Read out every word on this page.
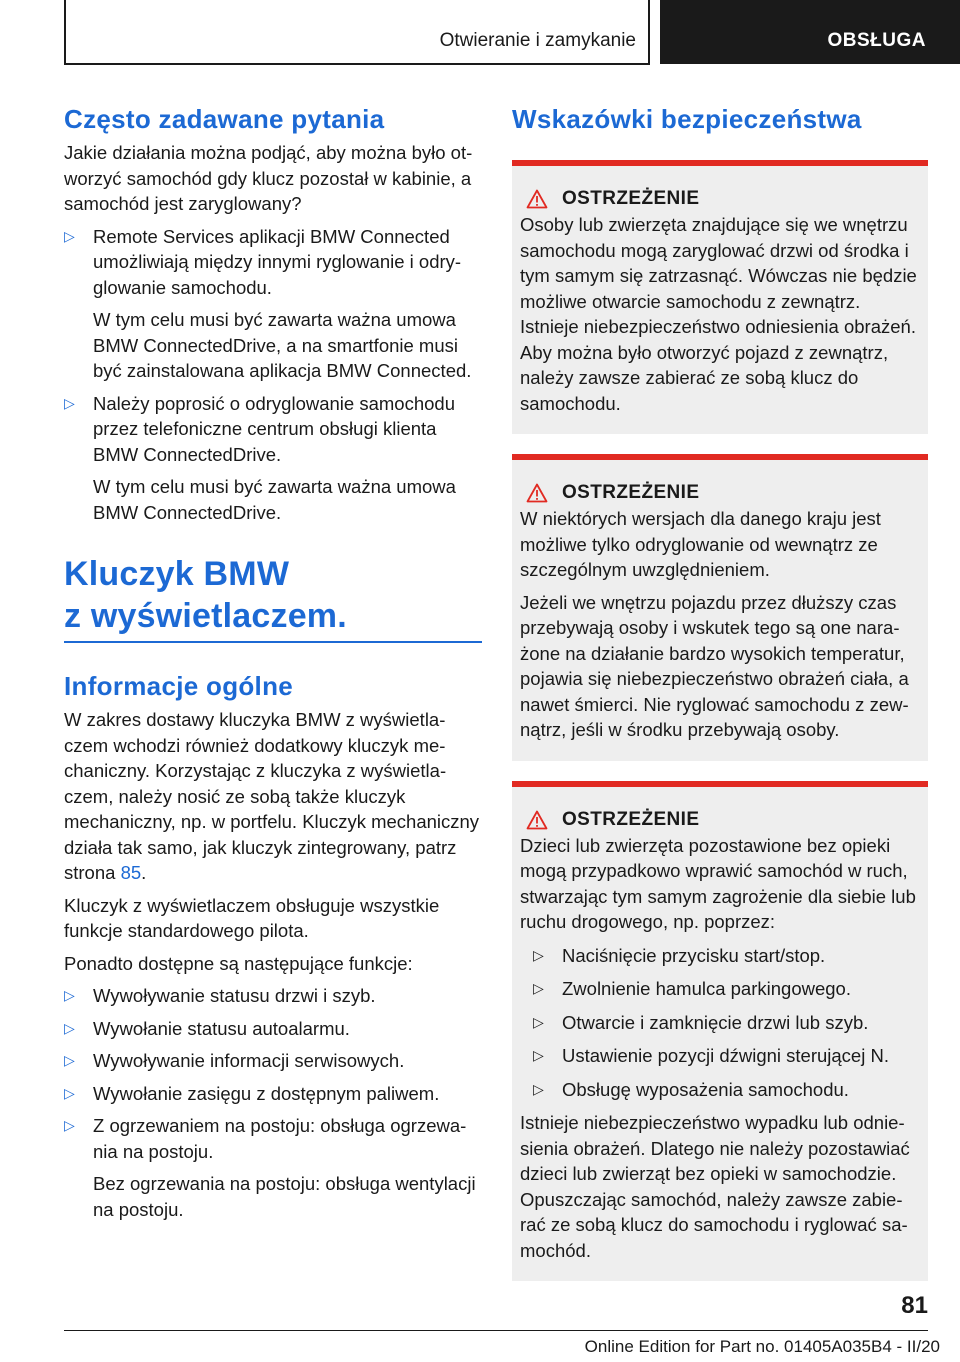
Otwieranie i zamykanie	OBSŁUGA
Często zadawane pytania

Jakie działania można podjąć, aby można było otworzyć samochód gdy klucz pozostał w kabinie, a samochód jest zaryglowany?

▷ Remote Services aplikacji BMW Connected umożliwiają między innymi ryglowanie i odryglowanie samochodu.

W tym celu musi być zawarta ważna umowa BMW ConnectedDrive, a na smartfonie musi być zainstalowana aplikacja BMW Connected.

▷ Należy poprosić o odryglowanie samochodu przez telefoniczne centrum obsługi klienta BMW ConnectedDrive.

W tym celu musi być zawarta ważna umowa BMW ConnectedDrive.

Kluczyk BMW
z wyświetlaczem.
Informacje ogólne

W zakres dostawy kluczyka BMW z wyświetlaczem wchodzi również dodatkowy kluczyk mechaniczny. Korzystając z kluczyka z wyświetlaczem, należy nosić ze sobą także kluczyk mechaniczny, np. w portfelu. Kluczyk mechaniczny działa tak samo, jak kluczyk zintegrowany, patrz strona 85.

Kluczyk z wyświetlaczem obsługuje wszystkie funkcje standardowego pilota.

Ponadto dostępne są następujące funkcje:

▷ Wywoływanie statusu drzwi i szyb.

▷ Wywołanie statusu autoalarmu.

▷ Wywoływanie informacji serwisowych.

▷ Wywołanie zasięgu z dostępnym paliwem.

▷ Z ogrzewaniem na postoju: obsługa ogrzewania na postoju.

Bez ogrzewania na postoju: obsługa wentylacji na postoju.

Wskazówki bezpieczeństwa
OSTRZEŻENIE

Osoby lub zwierzęta znajdujące się we wnętrzu samochodu mogą zaryglować drzwi od środka i tym samym się zatrzasnąć. Wówczas nie będzie możliwe otwarcie samochodu z zewnątrz. Istnieje niebezpieczeństwo odniesienia obrażeń. Aby można było otworzyć pojazd z zewnątrz, należy zawsze zabierać ze sobą klucz do samochodu.

OSTRZEŻENIE

W niektórych wersjach dla danego kraju jest możliwe tylko odryglowanie od wewnątrz ze szczególnym uwzględnieniem.

Jeżeli we wnętrzu pojazdu przez dłuższy czas przebywają osoby i wskutek tego są one narażone na działanie bardzo wysokich temperatur, pojawia się niebezpieczeństwo obrażeń ciała, a nawet śmierci. Nie ryglować samochodu z zewnątrz, jeśli w środku przebywają osoby.

OSTRZEŻENIE

Dzieci lub zwierzęta pozostawione bez opieki mogą przypadkowo wprawić samochód w ruch, stwarzając tym samym zagrożenie dla siebie lub ruchu drogowego, np. poprzez:

▷ Naciśnięcie przycisku start/stop.

▷ Zwolnienie hamulca parkingowego.

▷ Otwarcie i zamknięcie drzwi lub szyb.

▷ Ustawienie pozycji dźwigni sterującej N.

▷ Obsługę wyposażenia samochodu.

Istnieje niebezpieczeństwo wypadku lub odniesienia obrażeń. Dlatego nie należy pozostawiać dzieci lub zwierząt bez opieki w samochodzie. Opuszczając samochód, należy zawsze zabierać ze sobą klucz do samochodu i ryglować samochód.

81
Online Edition for Part no. 01405A035B4 - II/20
